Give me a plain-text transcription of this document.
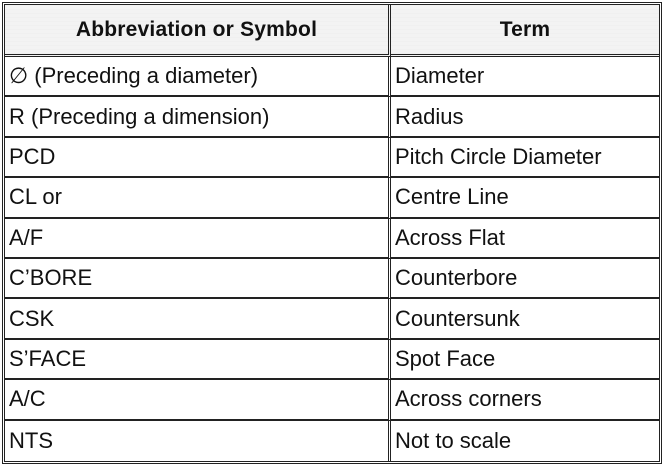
Abbreviation or Symbol	Term
∅ (Preceding a diameter)	Diameter
R (Preceding a dimension)	Radius
PCD	Pitch Circle Diameter
CL or	Centre Line
A/F	Across Flat
C’BORE	Counterbore
CSK	Countersunk
S’FACE	Spot Face
A/C	Across corners
NTS	Not to scale
